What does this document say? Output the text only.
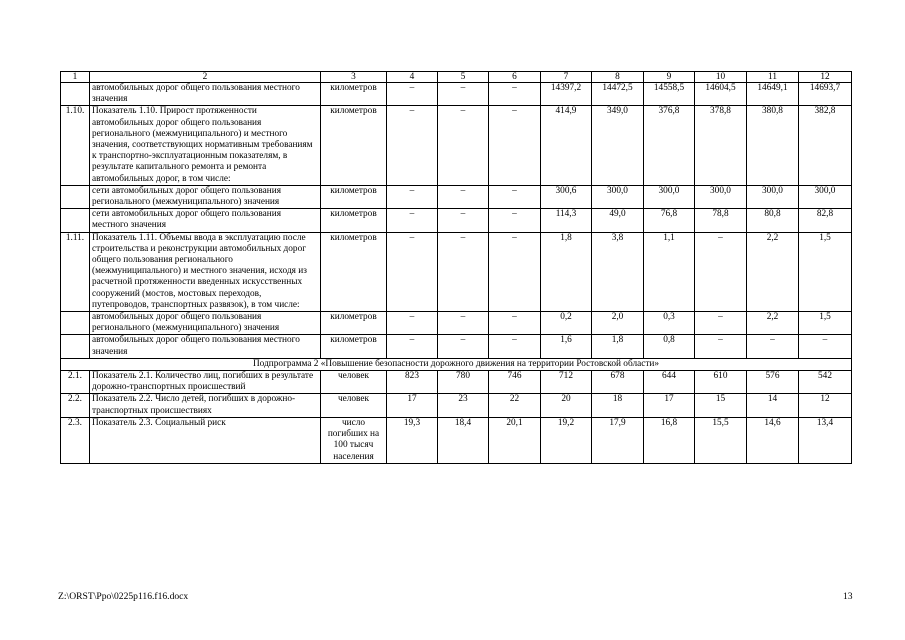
1	2	3	4	5	6	7	8	9	10	11	12
	автомобильных дорог общего пользования местного значения	километров	–	–	–	14397,2	14472,5	14558,5	14604,5	14649,1	14693,7
1.10.	Показатель 1.10. Прирост протяженности автомобильных дорог общего пользования регионального (межмуниципального) и местного значения, соответствующих нормативным требованиям к транспортно-эксплуатационным показателям, в результате капитального ремонта и ремонта автомобильных дорог, в том числе:	километров	–	–	–	414,9	349,0	376,8	378,8	380,8	382,8
	сети автомобильных дорог общего пользования регионального (межмуниципального) значения	километров	–	–	–	300,6	300,0	300,0	300,0	300,0	300,0
	сети автомобильных дорог общего пользования местного значения	километров	–	–	–	114,3	49,0	76,8	78,8	80,8	82,8
1.11.	Показатель 1.11. Объемы ввода в эксплуатацию после строительства и реконструкции автомобильных дорог общего пользования регионального (межмуниципального) и местного значения, исходя из расчетной протяженности введенных искусственных сооружений (мостов, мостовых переходов, путепроводов, транспортных развязок), в том числе:	километров	–	–	–	1,8	3,8	1,1	–	2,2	1,5
	автомобильных дорог общего пользования регионального (межмуниципального) значения	километров	–	–	–	0,2	2,0	0,3	–	2,2	1,5
	автомобильных дорог общего пользования местного значения	километров	–	–	–	1,6	1,8	0,8	–	–	–
Подпрограмма 2 «Повышение безопасности дорожного движения на территории Ростовской области»											
2.1.	Показатель 2.1. Количество лиц, погибших в результате дорожно-транспортных происшествий	человек	823	780	746	712	678	644	610	576	542
2.2.	Показатель 2.2. Число детей, погибших в дорожно-транспортных происшествиях	человек	17	23	22	20	18	17	15	14	12
2.3.	Показатель 2.3. Социальный риск	число погибших на 100 тысяч населения	19,3	18,4	20,1	19,2	17,9	16,8	15,5	14,6	13,4
Z:\ORST\Ppo\0225p116.f16.docx	13
